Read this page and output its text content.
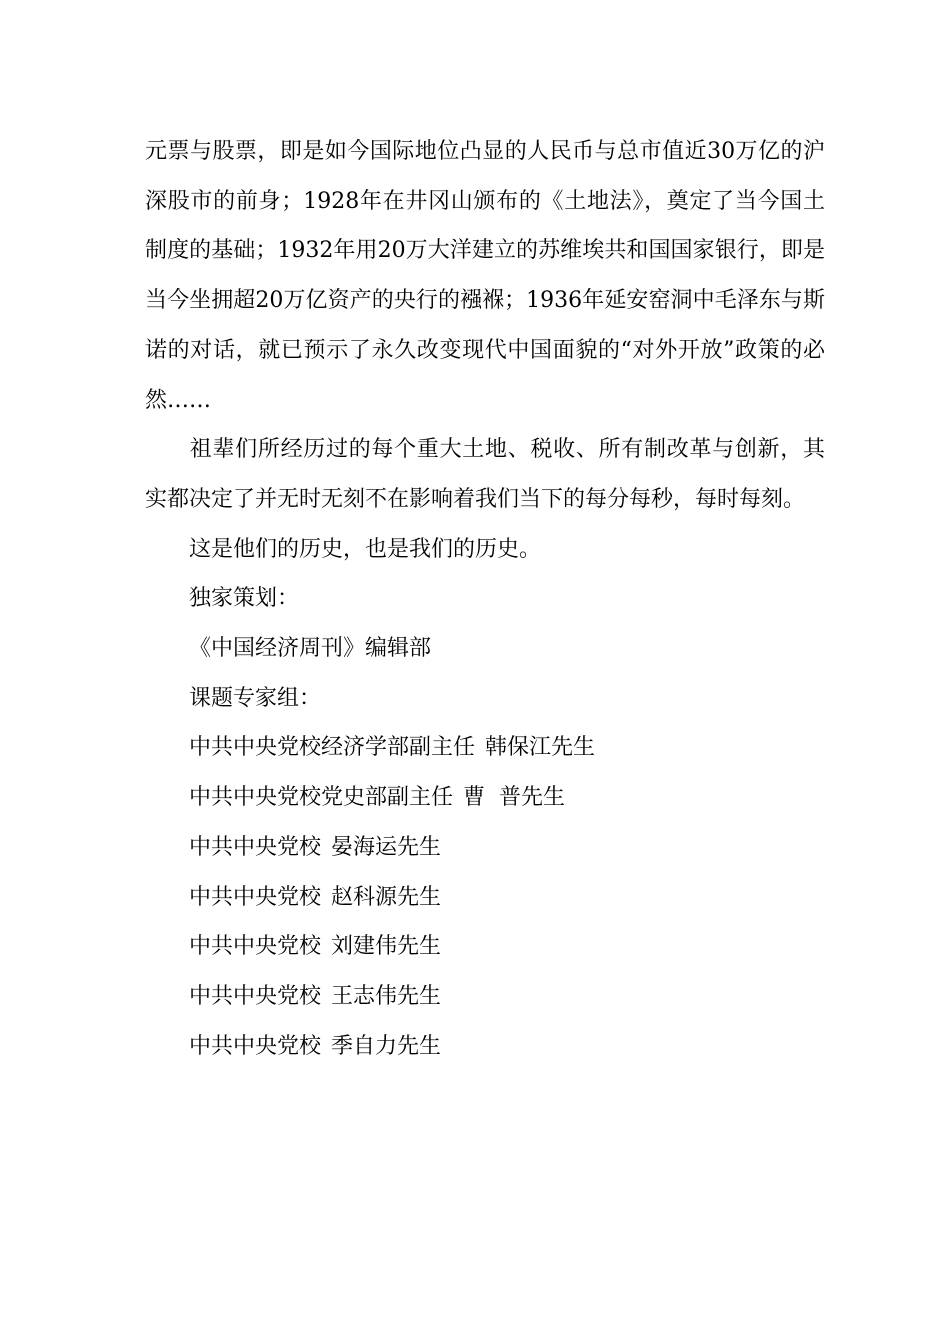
元票与股票，即是如今国际地位凸显的人民币与总市值近30万亿的沪深股市的前身；1928年在井冈山颁布的《土地法》，奠定了当今国土制度的基础；1932年用20万大洋建立的苏维埃共和国国家银行，即是当今坐拥超20万亿资产的央行的襁褓；1936年延安窑洞中毛泽东与斯诺的对话，就已预示了永久改变现代中国面貌的“对外开放”政策的必然……

祖辈们所经历过的每个重大土地、税收、所有制改革与创新，其实都决定了并无时无刻不在影响着我们当下的每分每秒，每时每刻。

这是他们的历史，也是我们的历史。

独家策划：

《中国经济周刊》编辑部

课题专家组：

中共中央党校经济学部副主任 韩保江先生

中共中央党校党史部副主任 曹  普先生

中共中央党校 晏海运先生

中共中央党校 赵科源先生

中共中央党校 刘建伟先生

中共中央党校 王志伟先生

中共中央党校 季自力先生
